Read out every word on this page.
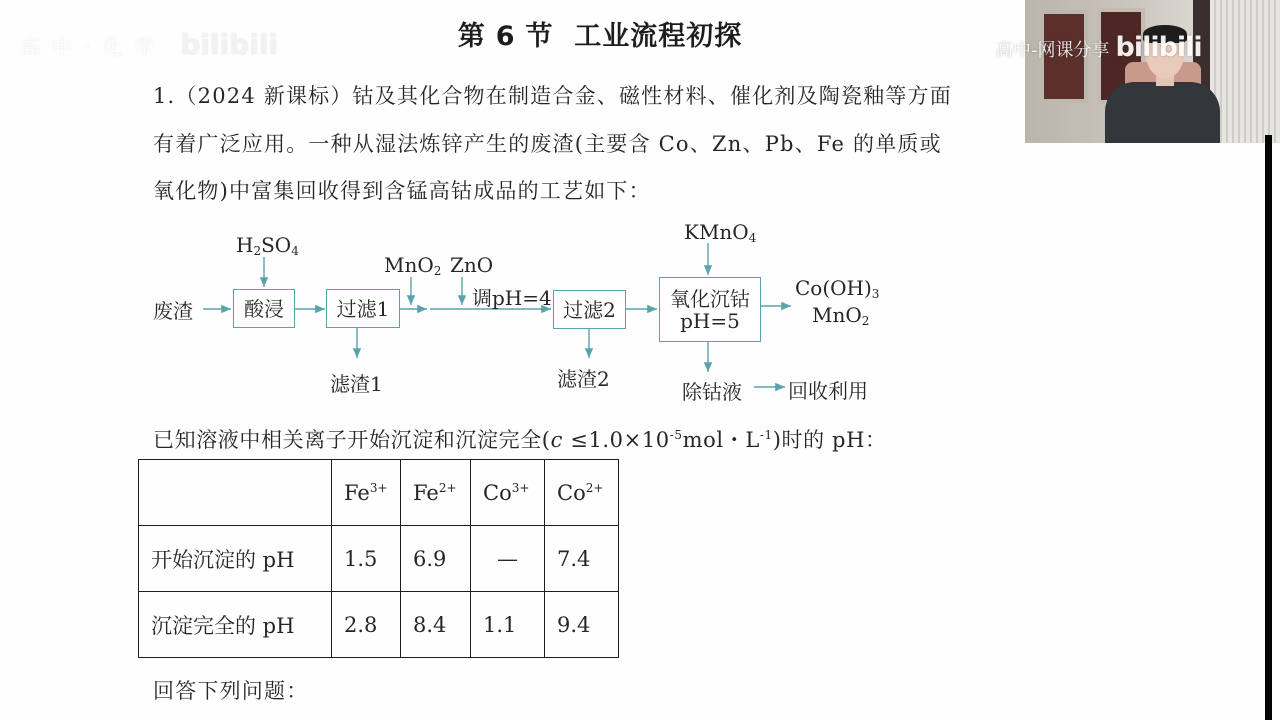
高中·化学 bilibili	第 6 节 工业流程初探
1.（2024 新课标）钴及其化合物在制造合金、磁性材料、催化剂及陶瓷釉等方面
有着广泛应用。一种从湿法炼锌产生的废渣(主要含 Co、Zn、Pb、Fe 的单质或
氧化物)中富集回收得到含锰高钴成品的工艺如下：
废渣
$H_2SO_4$
酸浸	过滤1
滤渣1
MnO$_2$ ZnO
调pH=4 过滤2
滤渣2
KMnO$_4$
氧化沉钴
pH=5
$Co(OH)_3$
MnO$_2$
除钴液 回收利用
已知溶液中相关离子开始沉淀和沉淀完全($c \le 1.0\times 10^{-5}mol$・$L^{-1}$)时的 pH：
	$Fe^{3+}$	$Fe^{2+}$	$Co^{3+}$	$Co^{2+}$
开始沉淀的 pH	1.5	6.9	—	7.4
沉淀完全的 pH	2.8	8.4	1.1	9.4
回答下列问题：
高中-网课分享 bilibili
